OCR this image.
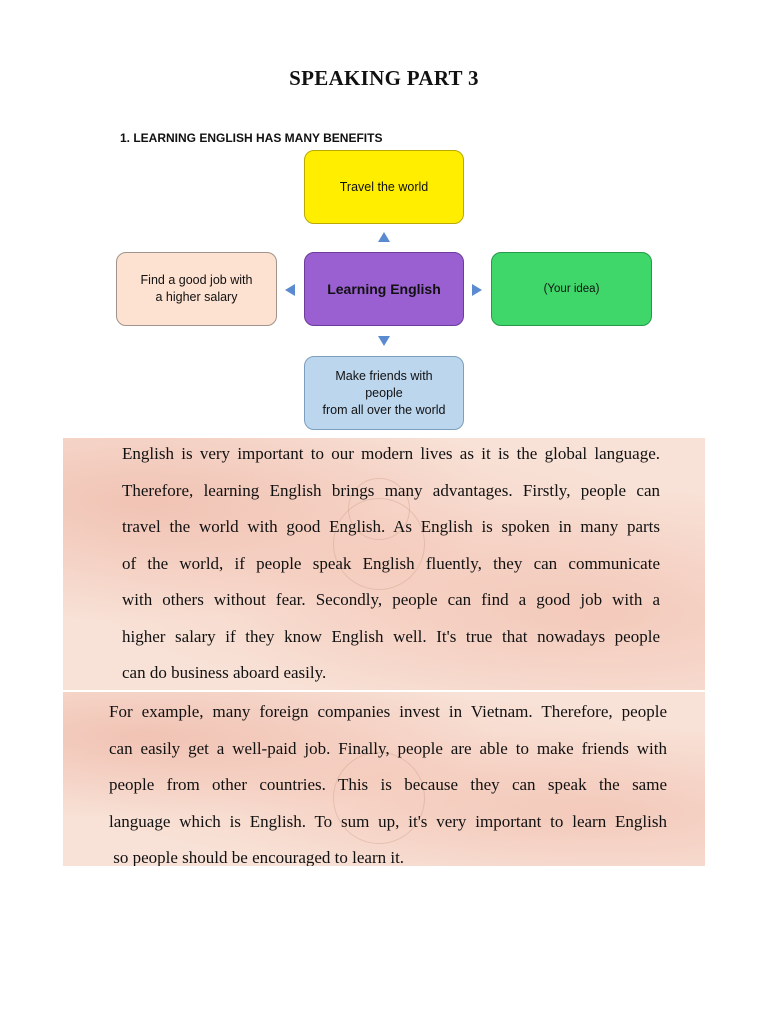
SPEAKING PART 3
1. LEARNING ENGLISH HAS MANY BENEFITS
Travel the world
Find a good job with
a higher salary
Learning English	(Your idea)
Make friends with people
from all over the world

English is very important to our modern lives as it is the global language.
Therefore, learning English brings many advantages. Firstly, people can
travel the world with good English. As English is spoken in many parts
of the world, if people speak English fluently, they can communicate
with others without fear. Secondly, people can find a good job with a
higher salary if they know English well. It's true that nowadays people
can do business aboard easily.

For example, many foreign companies invest in Vietnam. Therefore, people
can easily get a well-paid job. Finally, people are able to make friends with
people from other countries. This is because they can speak the same
language which is English. To sum up, it's very important to learn English
so people should be encouraged to learn it.
